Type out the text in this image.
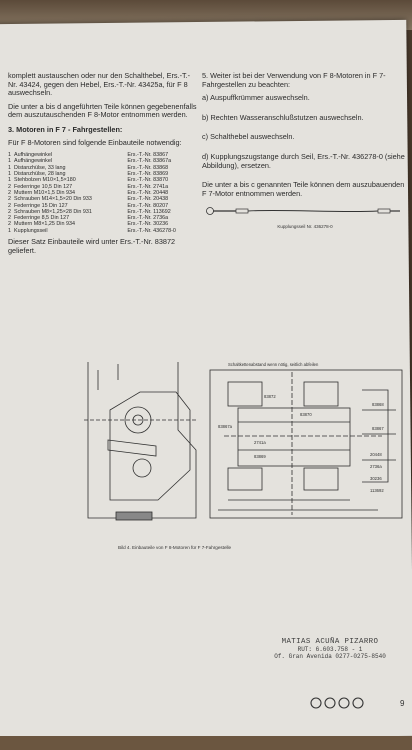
komplett austauschen oder nur den Schalthebel, Ers.-T.-Nr. 43424, gegen den Hebel, Ers.-T.-Nr. 43425a, für F 8 auswechseln.

Die unter a bis d angeführten Teile können gegebenenfalls dem auszutauschenden F 8-Motor entnommen werden.

3. Motoren in F 7 - Fahrgestellen:

Für F 8-Motoren sind folgende Einbauteile notwendig:

1	Aufhängewinkel	Ers.-T.-Nr. 83867
1	Aufhängewinkel	Ers.-T.-Nr. 83867a
1	Distanzhülse, 33 lang	Ers.-T.-Nr. 83868
1	Distanzhülse, 28 lang	Ers.-T.-Nr. 83869
1	Stehbolzen M10×1,5×180	Ers.-T.-Nr. 83870
2	Federringe 10,5 Din 127	Ers.-T.-Nr. 2741a
2	Muttern M10×1,5 Din 934	Ers.-T.-Nr. 20448
2	Schrauben M14×1,5×20 Din 933	Ers.-T.-Nr. 20438
2	Federringe 15 Din 127	Ers.-T.-Nr. 80207
2	Schrauben M8×1,25×28 Din 931	Ers.-T.-Nr. 113692
2	Federringe 8,5 Din 127	Ers.-T.-Nr. 2736a
2	Muttern M8×1,25 Din 934	Ers.-T.-Nr. 30236
1	Kupplungsseil	Ers.-T.-Nr. 436278-0

Dieser Satz Einbauteile wird unter Ers.-T.-Nr. 83872 geliefert.

5. Weiter ist bei der Verwendung von F 8-Motoren in F 7-Fahrgestellen zu beachten:

a) Auspuffkrümmer auswechseln.
b) Rechten Wasseranschlußstutzen auswechseln.
c) Schalthebel auswechseln.
d) Kupplungszugstange durch Seil, Ers.-T.-Nr. 436278-0 (siehe Abbildung), ersetzen.

Die unter a bis c genannten Teile können dem auszubauenden F 7-Motor entnommen werden.

Kupplungsseil Nr. 436278-0
Schaltkettenabstand wenn nötig, seitlich abfeilen
83872
83867a
83870
2741a
83869
83868
83867
20448
2736a
30236
113692
Bild 4. Einbauteile von F 8-Motoren für F 7-Fahrgestelle
MATIAS ACUÑA PIZARRO
RUT: 6.603.758 - 1
Of. Gran Avenida 0277-0275-8540
9
